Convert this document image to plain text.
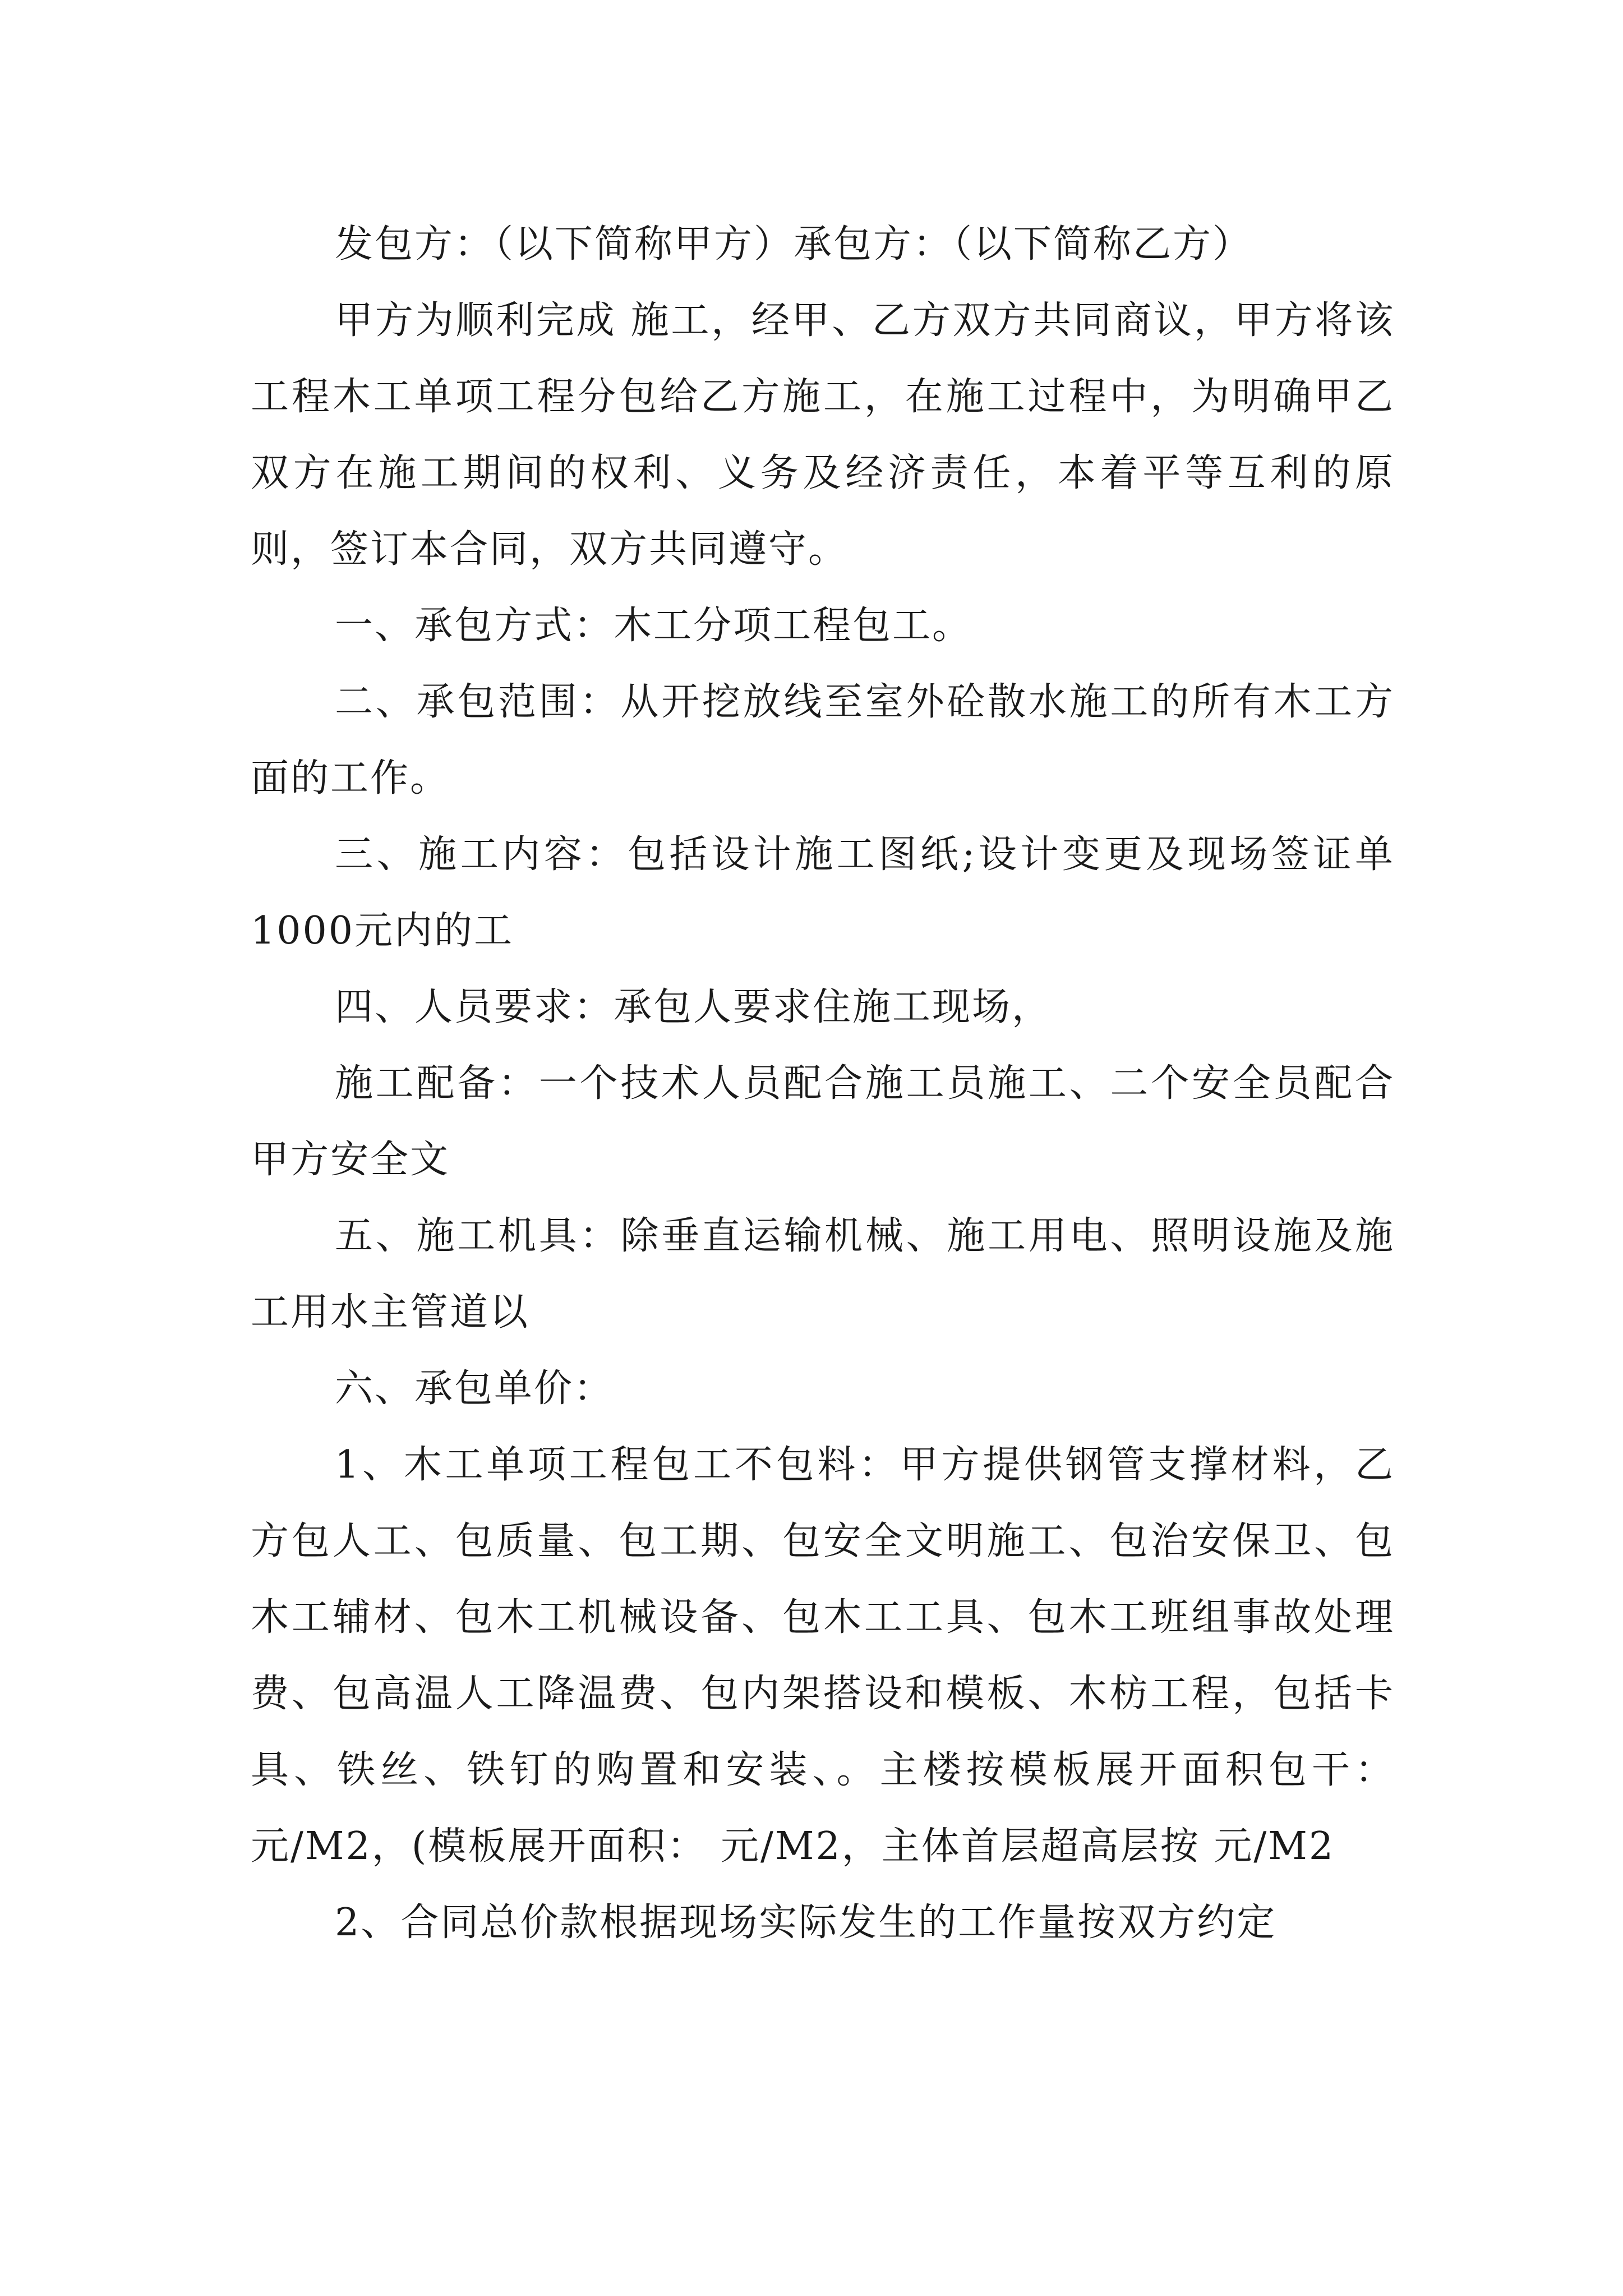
发包方：（以下简称甲方）承包方：（以下简称乙方）

甲方为顺利完成 施工，经甲、乙方双方共同商议，甲方将该工程木工单项工程分包给乙方施工，在施工过程中，为明确甲乙双方在施工期间的权利、义务及经济责任，本着平等互利的原则，签订本合同，双方共同遵守。

一、承包方式：木工分项工程包工。

二、承包范围：从开挖放线至室外砼散水施工的所有木工方面的工作。

三、施工内容：包括设计施工图纸;设计变更及现场签证单1000元内的工

四、人员要求：承包人要求住施工现场，

施工配备：一个技术人员配合施工员施工、二个安全员配合甲方安全文

五、施工机具：除垂直运输机械、施工用电、照明设施及施工用水主管道以

六、承包单价：

1、木工单项工程包工不包料：甲方提供钢管支撑材料，乙方包人工、包质量、包工期、包安全文明施工、包治安保卫、包木工辅材、包木工机械设备、包木工工具、包木工班组事故处理费、包高温人工降温费、包内架搭设和模板、木枋工程，包括卡具、铁丝、铁钉的购置和安装、。主楼按模板展开面积包干： 元/M2，(模板展开面积： 元/M2，主体首层超高层按 元/M2

2、合同总价款根据现场实际发生的工作量按双方约定
